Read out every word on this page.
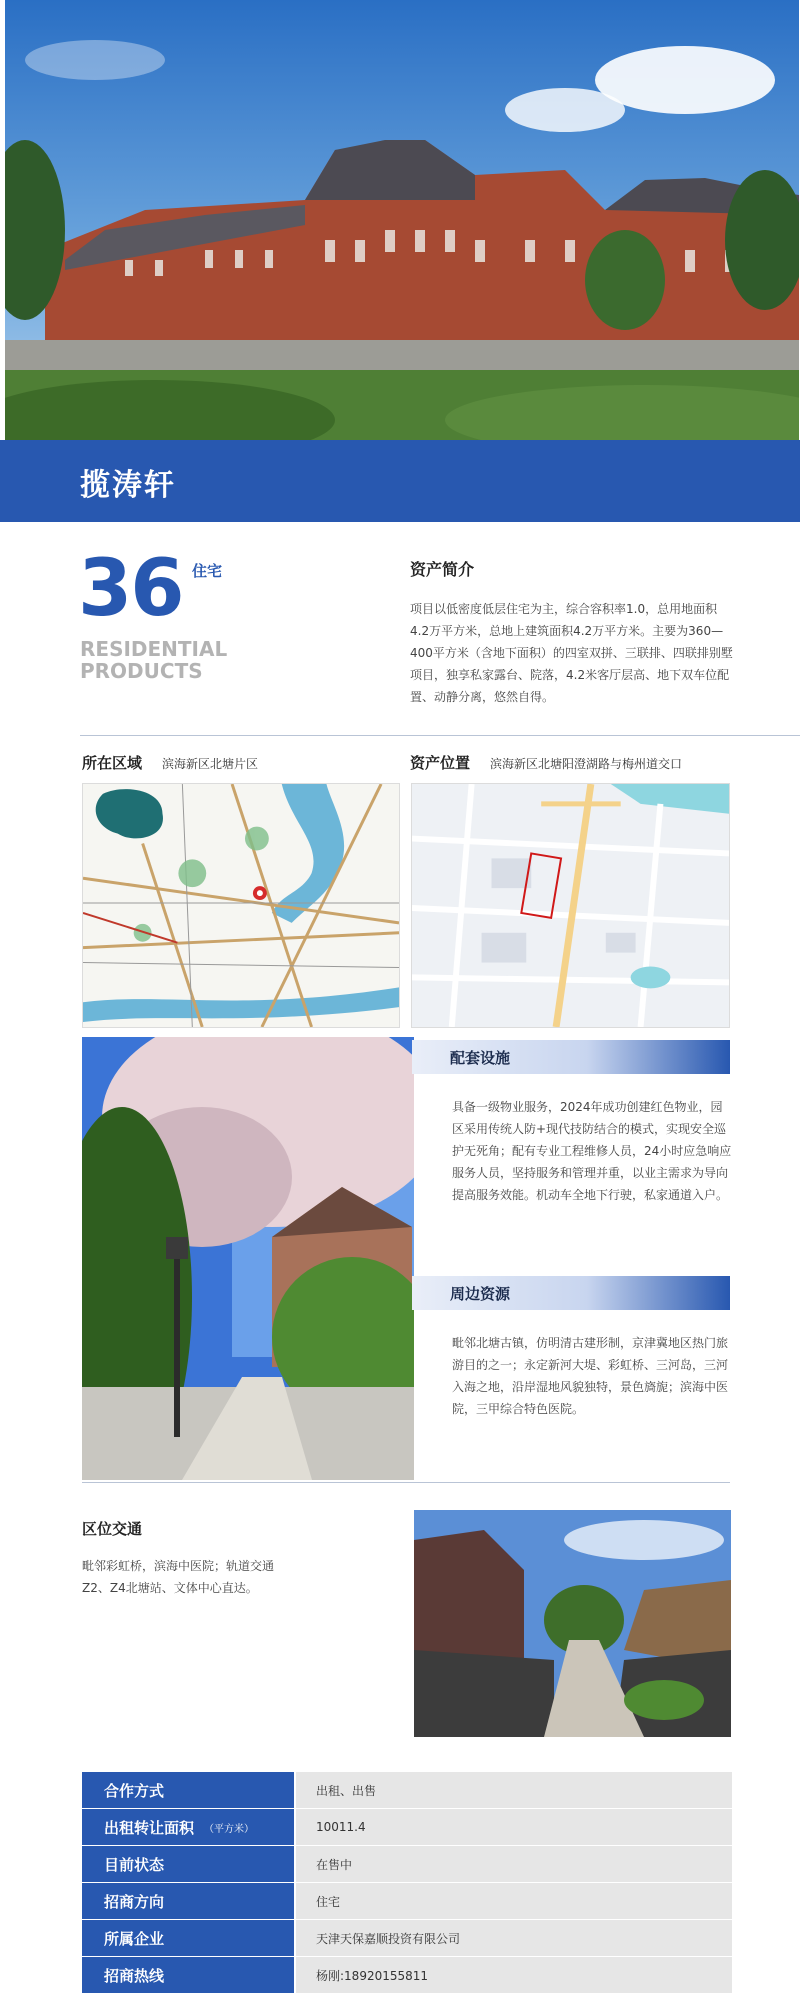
揽涛轩
36 住宅
RESIDENTIAL
PRODUCTS
资产简介
项目以低密度低层住宅为主，综合容积率1.0，总用地面积4.2万平方米，总地上建筑面积4.2万平方米。主要为360—400平方米（含地下面积）的四室双拼、三联排、四联排别墅项目，独享私家露台、院落，4.2米客厅层高、地下双车位配置、动静分离，悠然自得。
所在区域 滨海新区北塘片区	资产位置 滨海新区北塘阳澄湖路与梅州道交口
配套设施
具备一级物业服务，2024年成功创建红色物业，园区采用传统人防+现代技防结合的模式，实现安全巡护无死角；配有专业工程维修人员，24小时应急响应服务人员，坚持服务和管理并重，以业主需求为导向提高服务效能。机动车全地下行驶，私家通道入户。
周边资源
毗邻北塘古镇，仿明清古建形制，京津冀地区热门旅游目的之一；永定新河大堤、彩虹桥、三河岛，三河入海之地，沿岸湿地风貌独特，景色旖旎；滨海中医院，三甲综合特色医院。
区位交通
毗邻彩虹桥，滨海中医院；轨道交通Z2、Z4北塘站、文体中心直达。
合作方式	出租、出售
出租转让面积 （平方米）	10011.4
目前状态	在售中
招商方向	住宅
所属企业	天津天保嘉顺投资有限公司
招商热线	杨刚:18920155811
